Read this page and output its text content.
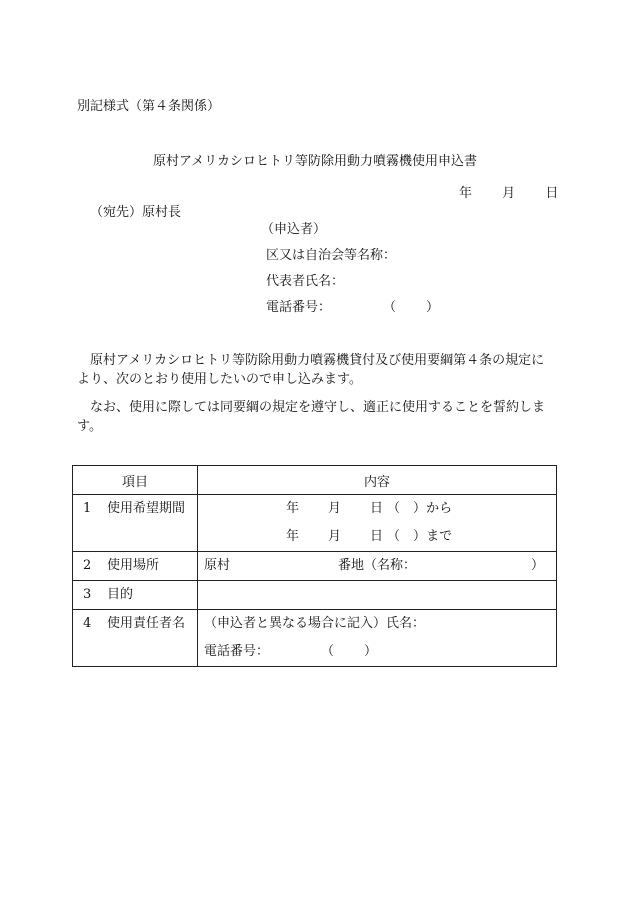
別記様式（第４条関係）
原村アメリカシロヒトリ等防除用動力噴霧機使用申込書
年 月 日
（宛先）原村長
（申込者）
区又は自治会等名称：
代表者氏名：
電話番号：	（ ）
原村アメリカシロヒトリ等防除用動力噴霧機貸付及び使用要綱第４条の規定により、次のとおり使用したいので申し込みます。
なお、使用に際しては同要綱の規定を遵守し、適正に使用することを誓約します。
項目	内容

1 使用希望期間	年 月 日 （　）から
年 月 日 （　）まで

2 使用場所	原村 番地（名称： ）

3 目的	

4 使用責任者名	（申込者と異なる場合に記入）氏名：
電話番号： （ ）
